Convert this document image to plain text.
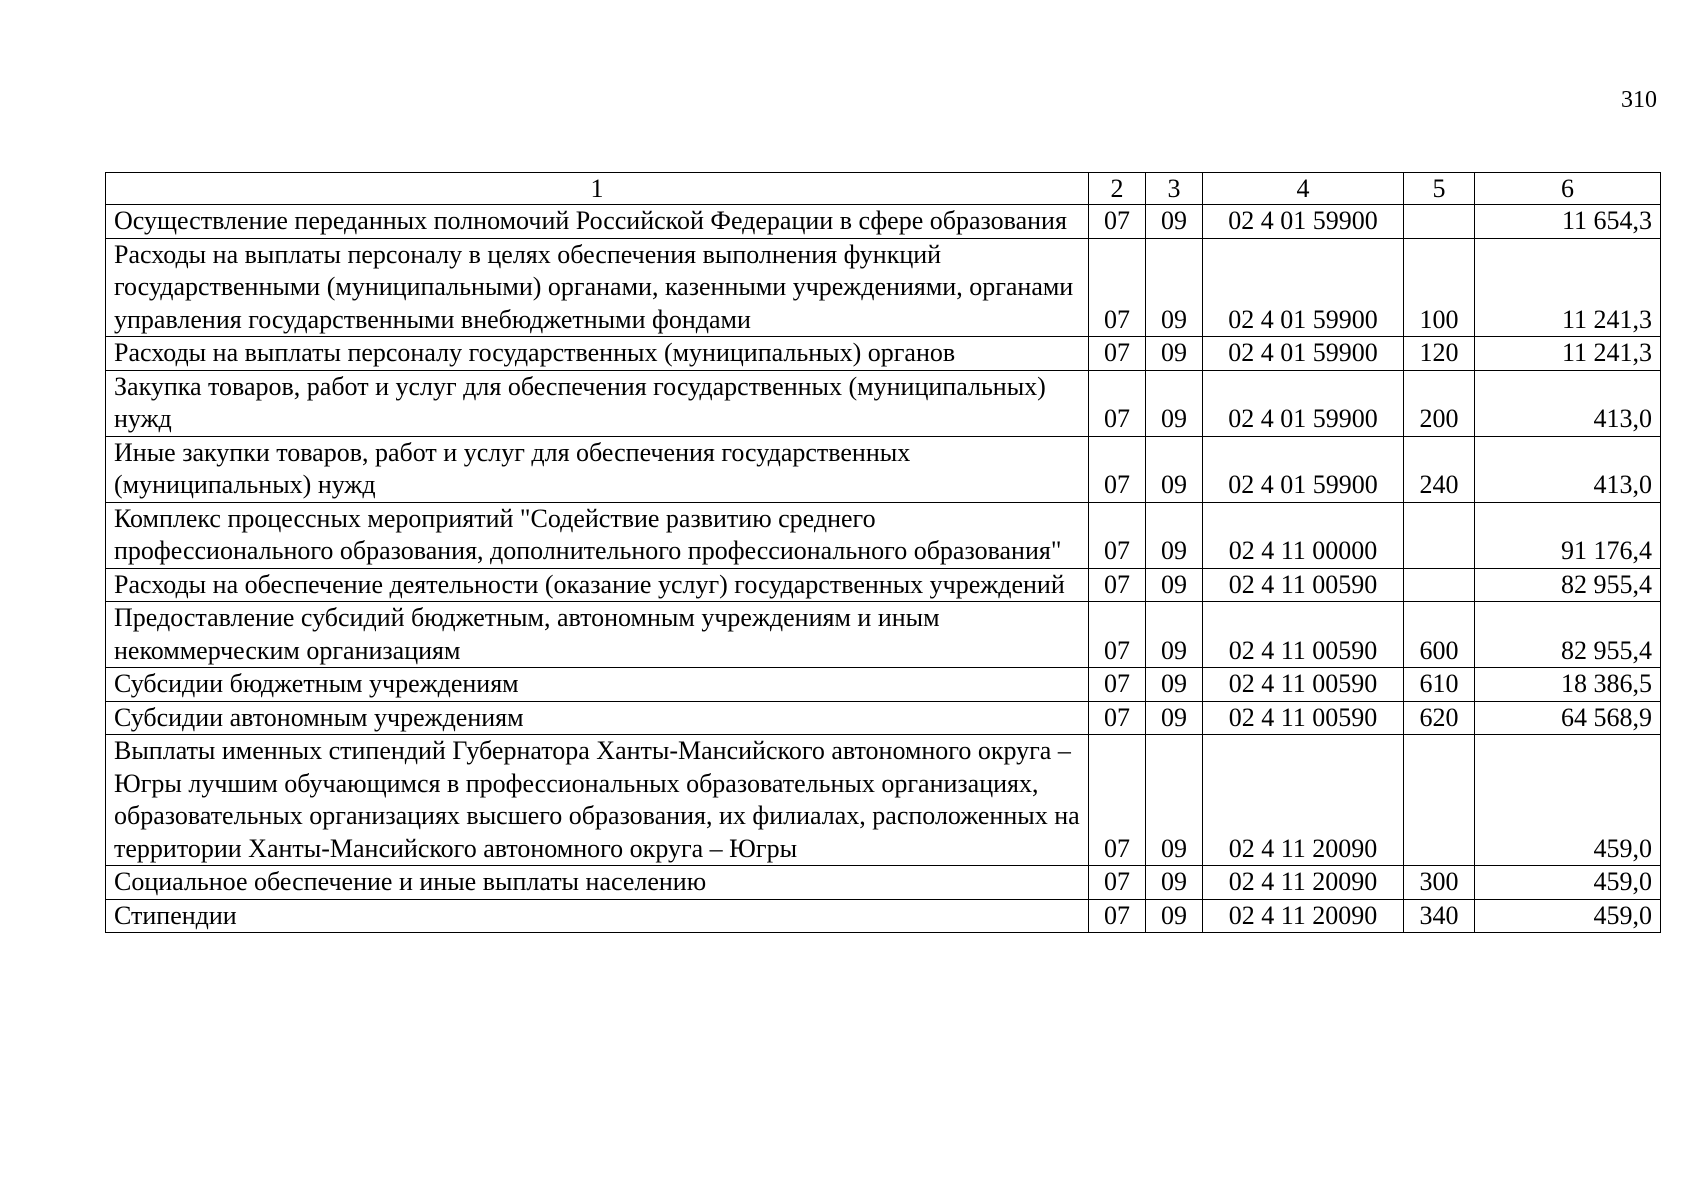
310
1	2	3	4	5	6
Осуществление переданных полномочий Российской Федерации в сфере образования	07	09	02 4 01 59900		11 654,3
Расходы на выплаты персоналу в целях обеспечения выполнения функций государственными (муниципальными) органами, казенными учреждениями, органами управления государственными внебюджетными фондами	07	09	02 4 01 59900	100	11 241,3
Расходы на выплаты персоналу государственных (муниципальных) органов	07	09	02 4 01 59900	120	11 241,3
Закупка товаров, работ и услуг для обеспечения государственных (муниципальных) нужд	07	09	02 4 01 59900	200	413,0
Иные закупки товаров, работ и услуг для обеспечения государственных (муниципальных) нужд	07	09	02 4 01 59900	240	413,0
Комплекс процессных мероприятий "Содействие развитию среднего профессионального образования, дополнительного профессионального образования"	07	09	02 4 11 00000		91 176,4
Расходы на обеспечение деятельности (оказание услуг) государственных учреждений	07	09	02 4 11 00590		82 955,4
Предоставление субсидий бюджетным, автономным учреждениям и иным некоммерческим организациям	07	09	02 4 11 00590	600	82 955,4
Субсидии бюджетным учреждениям	07	09	02 4 11 00590	610	18 386,5
Субсидии автономным учреждениям	07	09	02 4 11 00590	620	64 568,9
Выплаты именных стипендий Губернатора Ханты-Мансийского автономного округа – Югры лучшим обучающимся в профессиональных образовательных организациях, образовательных организациях высшего образования, их филиалах, расположенных на территории Ханты-Мансийского автономного округа – Югры	07	09	02 4 11 20090		459,0
Социальное обеспечение и иные выплаты населению	07	09	02 4 11 20090	300	459,0
Стипендии	07	09	02 4 11 20090	340	459,0
